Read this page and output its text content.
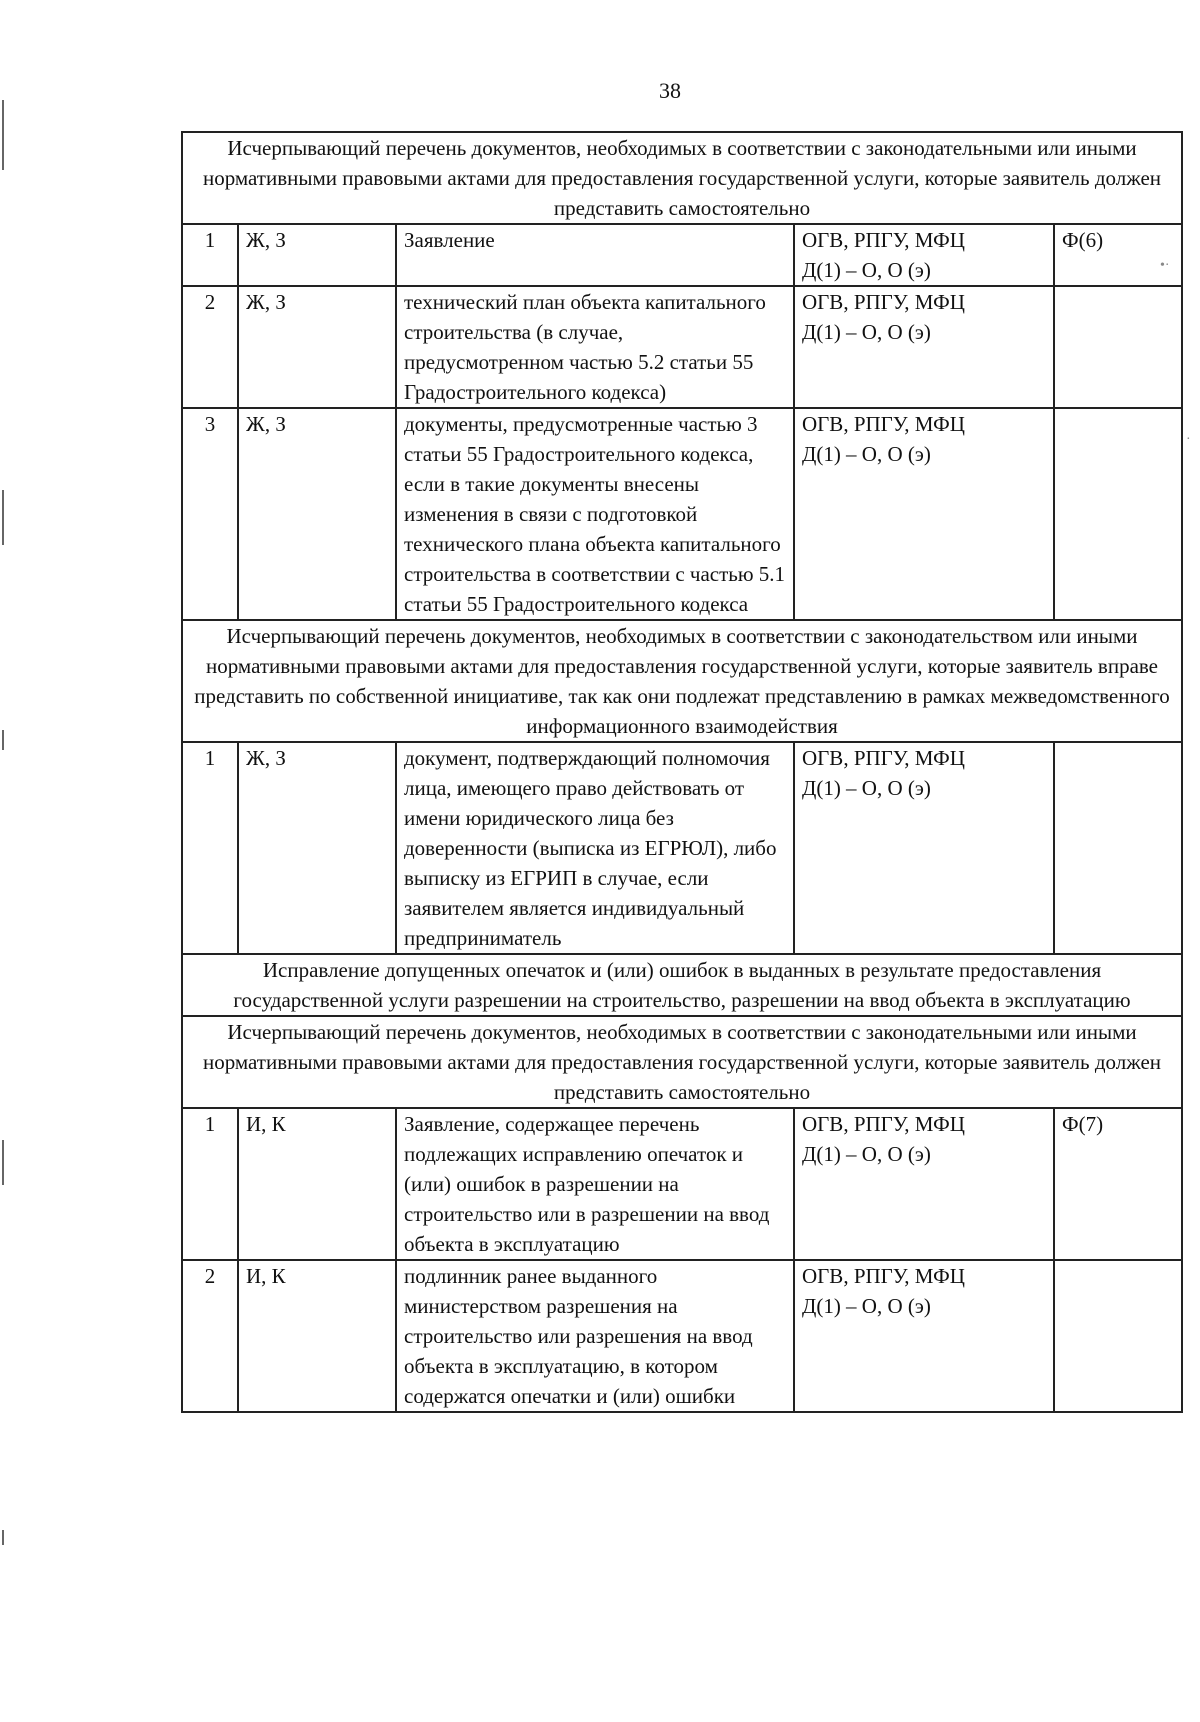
38
Исчерпывающий перечень документов, необходимых в соответствии с законодательными или иными нормативными правовыми актами для предоставления государственной услуги, которые заявитель должен представить самостоятельно				
1	Ж, З	Заявление	ОГВ, РПГУ, МФЦ
Д(1) – О, О (э)	Ф(6)
2	Ж, З	технический план объекта капитального строительства (в случае, предусмотренном частью 5.2 статьи 55 Градостроительного кодекса)	ОГВ, РПГУ, МФЦ
Д(1) – О, О (э)	

3	Ж, З	документы, предусмотренные частью 3 статьи 55 Градостроительного кодекса, если в такие документы внесены изменения в связи с подготовкой технического плана объекта капитального строительства в соответствии с частью 5.1 статьи 55 Градостроительного кодекса	ОГВ, РПГУ, МФЦ
Д(1) – О, О (э)	

Исчерпывающий перечень документов, необходимых в соответствии с законодательством или иными нормативными правовыми актами для предоставления государственной услуги, которые заявитель вправе представить по собственной инициативе, так как они подлежат представлению в рамках межведомственного информационного взаимодействия				
1	Ж, З	документ, подтверждающий полномочия лица, имеющего право действовать от имени юридического лица без доверенности (выписка из ЕГРЮЛ), либо выписку из ЕГРИП в случае, если заявителем является индивидуальный предприниматель	ОГВ, РПГУ, МФЦ
Д(1) – О, О (э)	

Исправление допущенных опечаток и (или) ошибок в выданных в результате предоставления государственной услуги разрешении на строительство, разрешении на ввод объекта в эксплуатацию				
Исчерпывающий перечень документов, необходимых в соответствии с законодательными или иными нормативными правовыми актами для предоставления государственной услуги, которые заявитель должен представить самостоятельно				
1	И, К	Заявление, содержащее перечень подлежащих исправлению опечаток и (или) ошибок в разрешении на строительство или в разрешении на ввод объекта в эксплуатацию	ОГВ, РПГУ, МФЦ
Д(1) – О, О (э)	Ф(7)
2	И, К	подлинник ранее выданного министерством разрешения на строительство или разрешения на ввод объекта в эксплуатацию, в котором содержатся опечатки и (или) ошибки	ОГВ, РПГУ, МФЦ
Д(1) – О, О (э)	

•·
·
